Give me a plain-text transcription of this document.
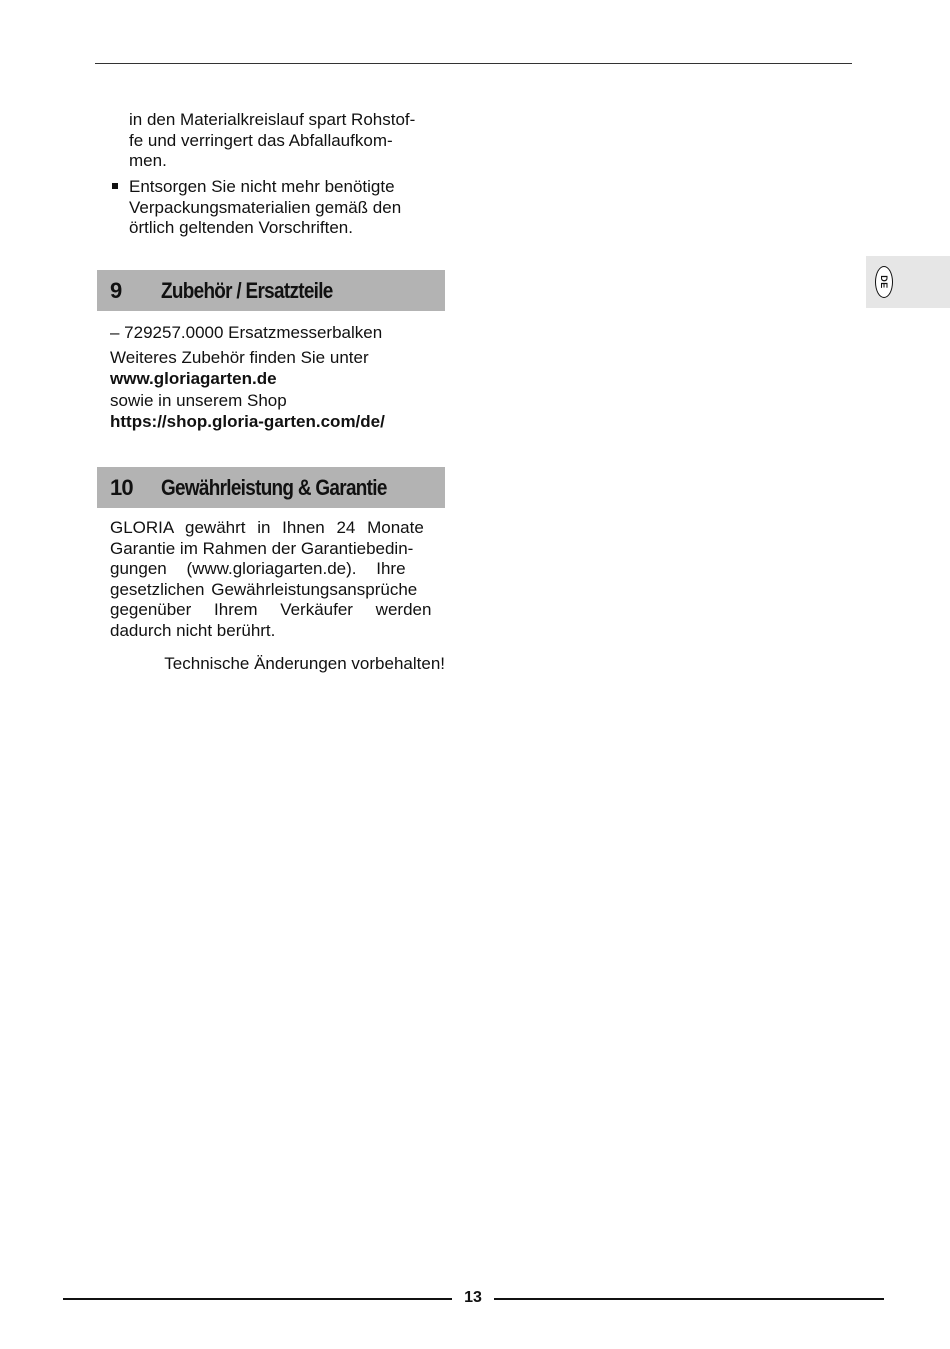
in den Materialkreislauf spart Rohstof-
fe und verringert das Abfallaufkom-
men.
Entsorgen Sie nicht mehr benötigte
Verpackungsmaterialien gemäß den
örtlich geltenden Vorschriften.
9 Zubehör / Ersatzteile
– 729257.0000 Ersatzmesserbalken
Weiteres Zubehör finden Sie unter
www.gloriagarten.de
sowie in unserem Shop
https://shop.gloria-garten.com/de/
10 Gewährleistung & Garantie
GLORIA gewährt in Ihnen 24 Monate
Garantie im Rahmen der Garantiebedin-
gungen (www.gloriagarten.de). Ihre
gesetzlichen Gewährleistungsansprüche
gegenüber Ihrem Verkäufer werden
dadurch nicht berührt.
Technische Änderungen vorbehalten!
DE
13
